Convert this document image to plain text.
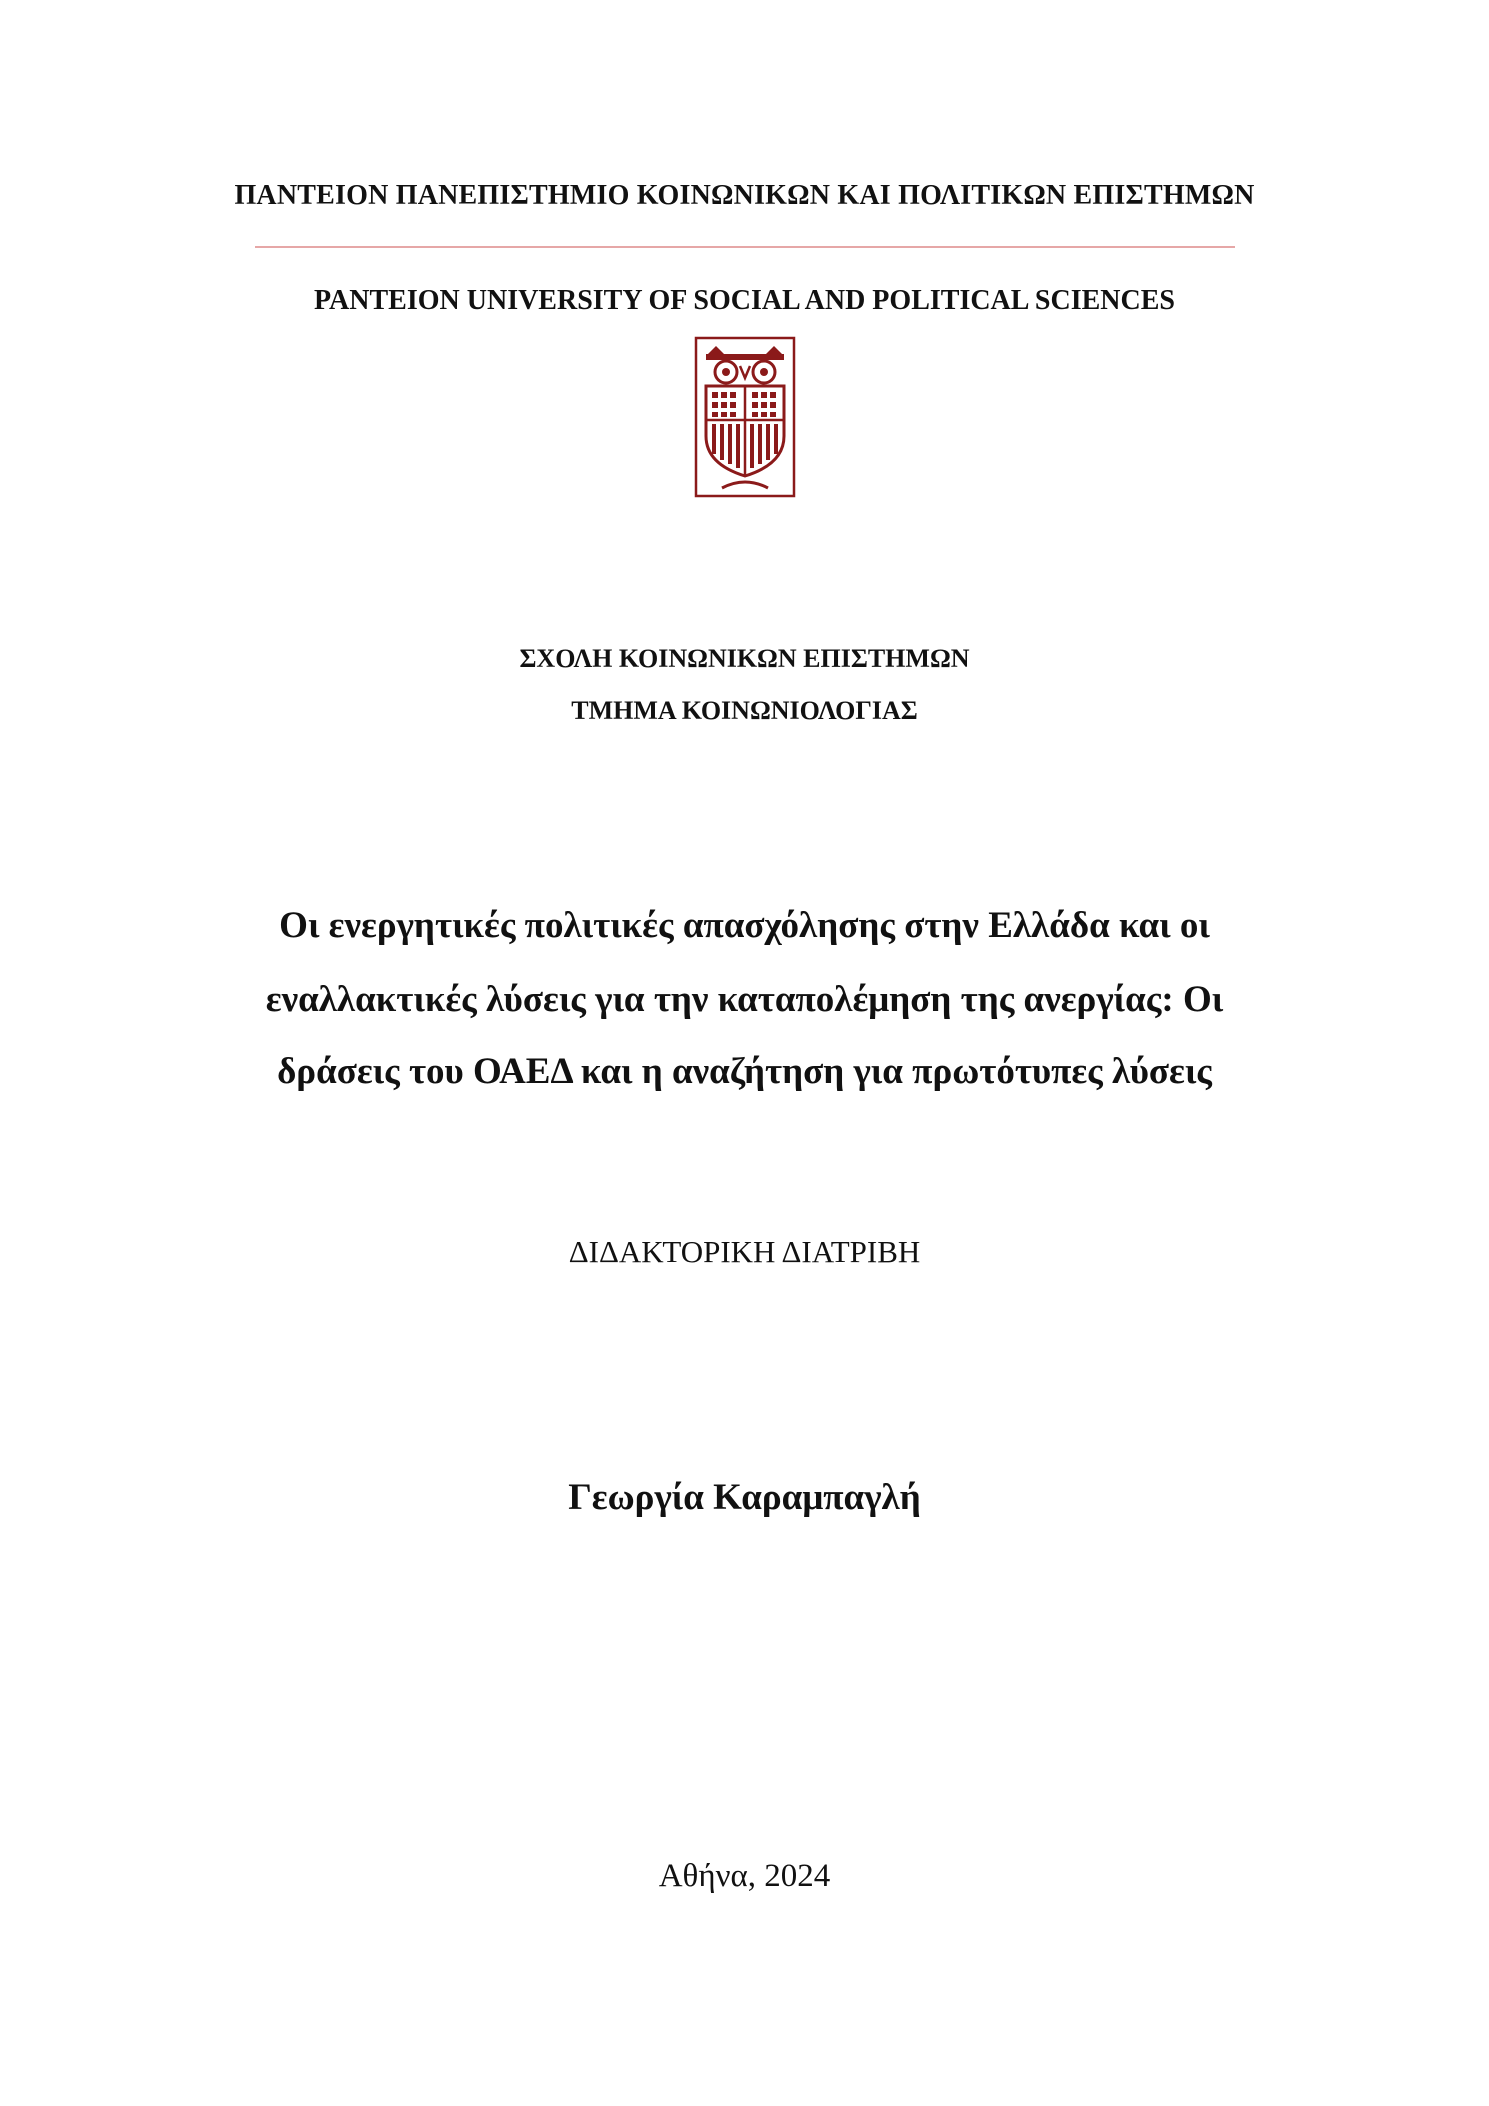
ΠΑΝΤΕΙΟΝ ΠΑΝΕΠΙΣΤΗΜΙΟ ΚΟΙΝΩΝΙΚΩΝ ΚΑΙ ΠΟΛΙΤΙΚΩΝ ΕΠΙΣΤΗΜΩΝ
PANTEION UNIVERSITY OF SOCIAL AND POLITICAL SCIENCES
ΣΧΟΛΗ ΚΟΙΝΩΝΙΚΩΝ ΕΠΙΣΤΗΜΩΝ
ΤΜΗΜΑ ΚΟΙΝΩΝΙΟΛΟΓΙΑΣ
Οι ενεργητικές πολιτικές απασχόλησης στην Ελλάδα και οι
εναλλακτικές λύσεις για την καταπολέμηση της ανεργίας: Οι
δράσεις του ΟΑΕΔ και η αναζήτηση για πρωτότυπες λύσεις
ΔΙΔΑΚΤΟΡΙΚΗ ΔΙΑΤΡΙΒΗ
Γεωργία Καραμπαγλή
Αθήνα, 2024
